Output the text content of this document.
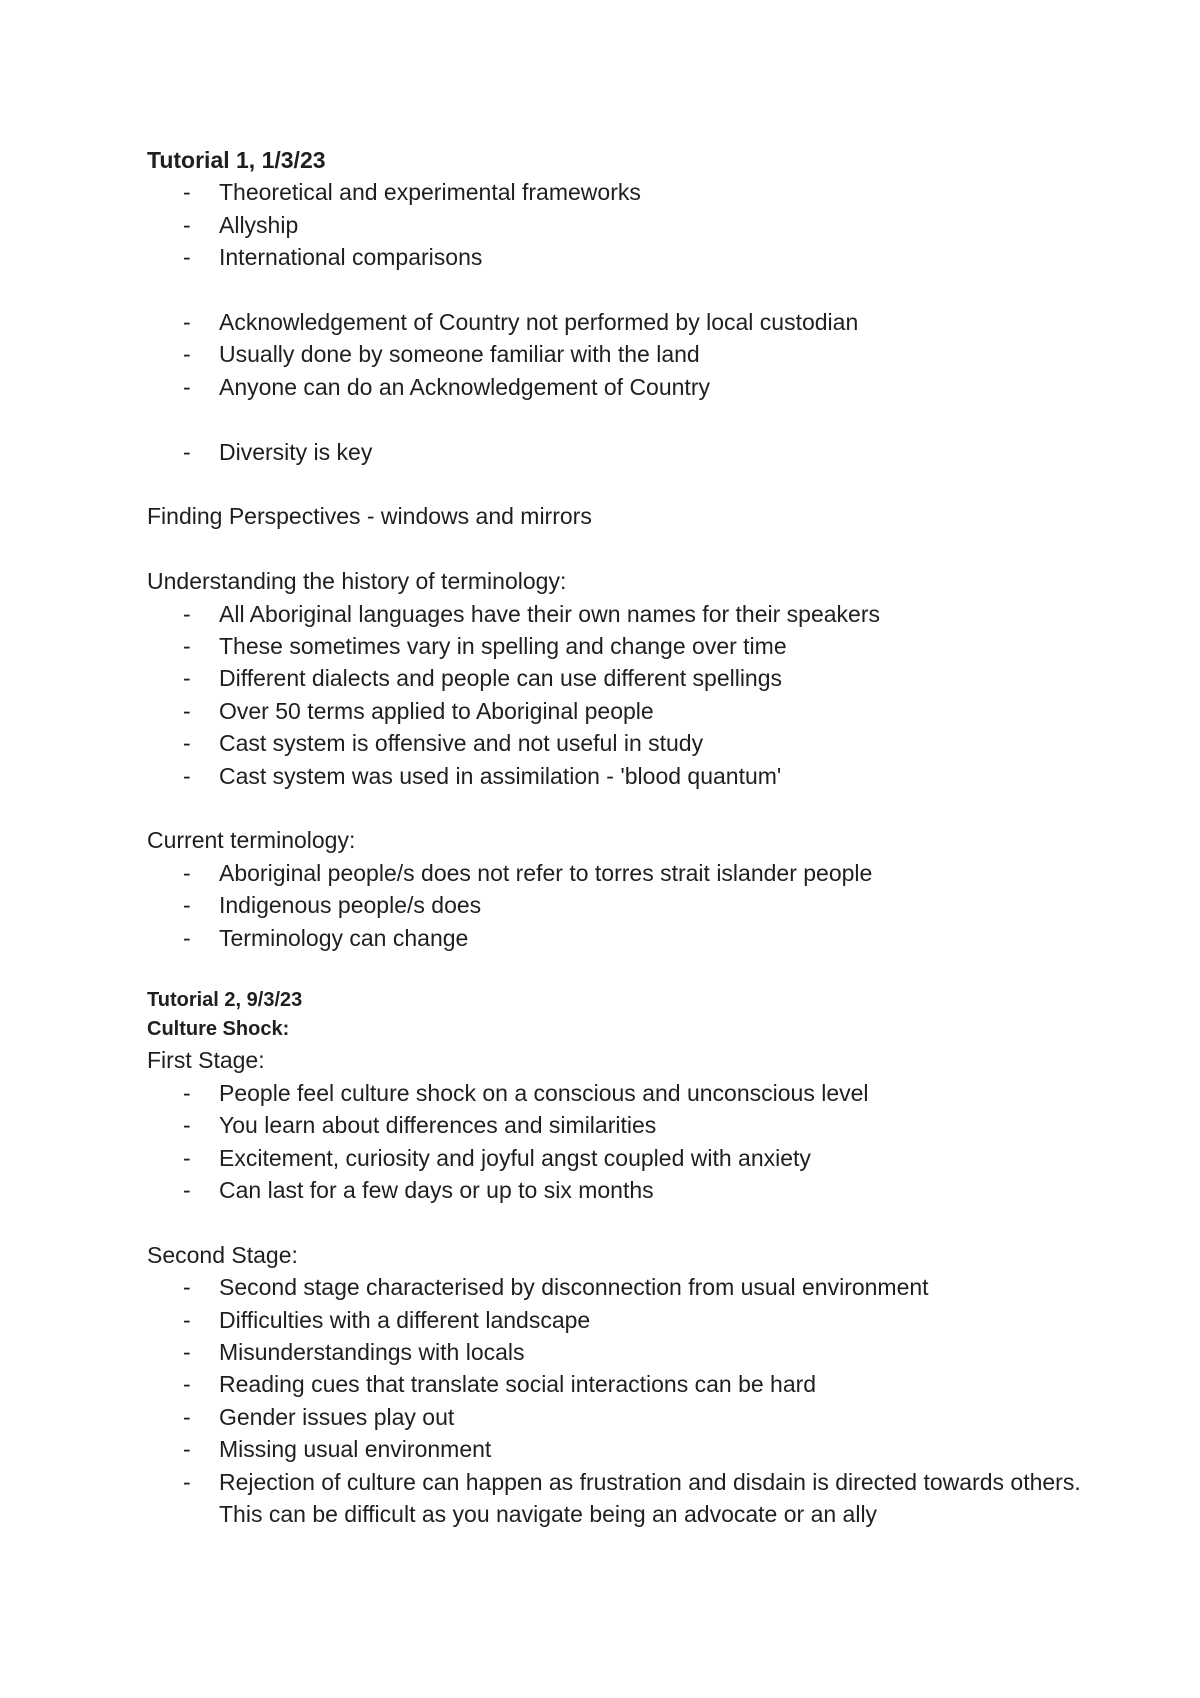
Tutorial 1, 1/3/23
- Theoretical and experimental frameworks
- Allyship
- International comparisons
- Acknowledgement of Country not performed by local custodian
- Usually done by someone familiar with the land
- Anyone can do an Acknowledgement of Country
- Diversity is key
Finding Perspectives - windows and mirrors
Understanding the history of terminology:
- All Aboriginal languages have their own names for their speakers
- These sometimes vary in spelling and change over time
- Different dialects and people can use different spellings
- Over 50 terms applied to Aboriginal people
- Cast system is offensive and not useful in study
- Cast system was used in assimilation - 'blood quantum'
Current terminology:
- Aboriginal people/s does not refer to torres strait islander people
- Indigenous people/s does
- Terminology can change
Tutorial 2, 9/3/23
Culture Shock:
First Stage:
- People feel culture shock on a conscious and unconscious level
- You learn about differences and similarities
- Excitement, curiosity and joyful angst coupled with anxiety
- Can last for a few days or up to six months
Second Stage:
- Second stage characterised by disconnection from usual environment
- Difficulties with a different landscape
- Misunderstandings with locals
- Reading cues that translate social interactions can be hard
- Gender issues play out
- Missing usual environment
- Rejection of culture can happen as frustration and disdain is directed towards others. This can be difficult as you navigate being an advocate or an ally
